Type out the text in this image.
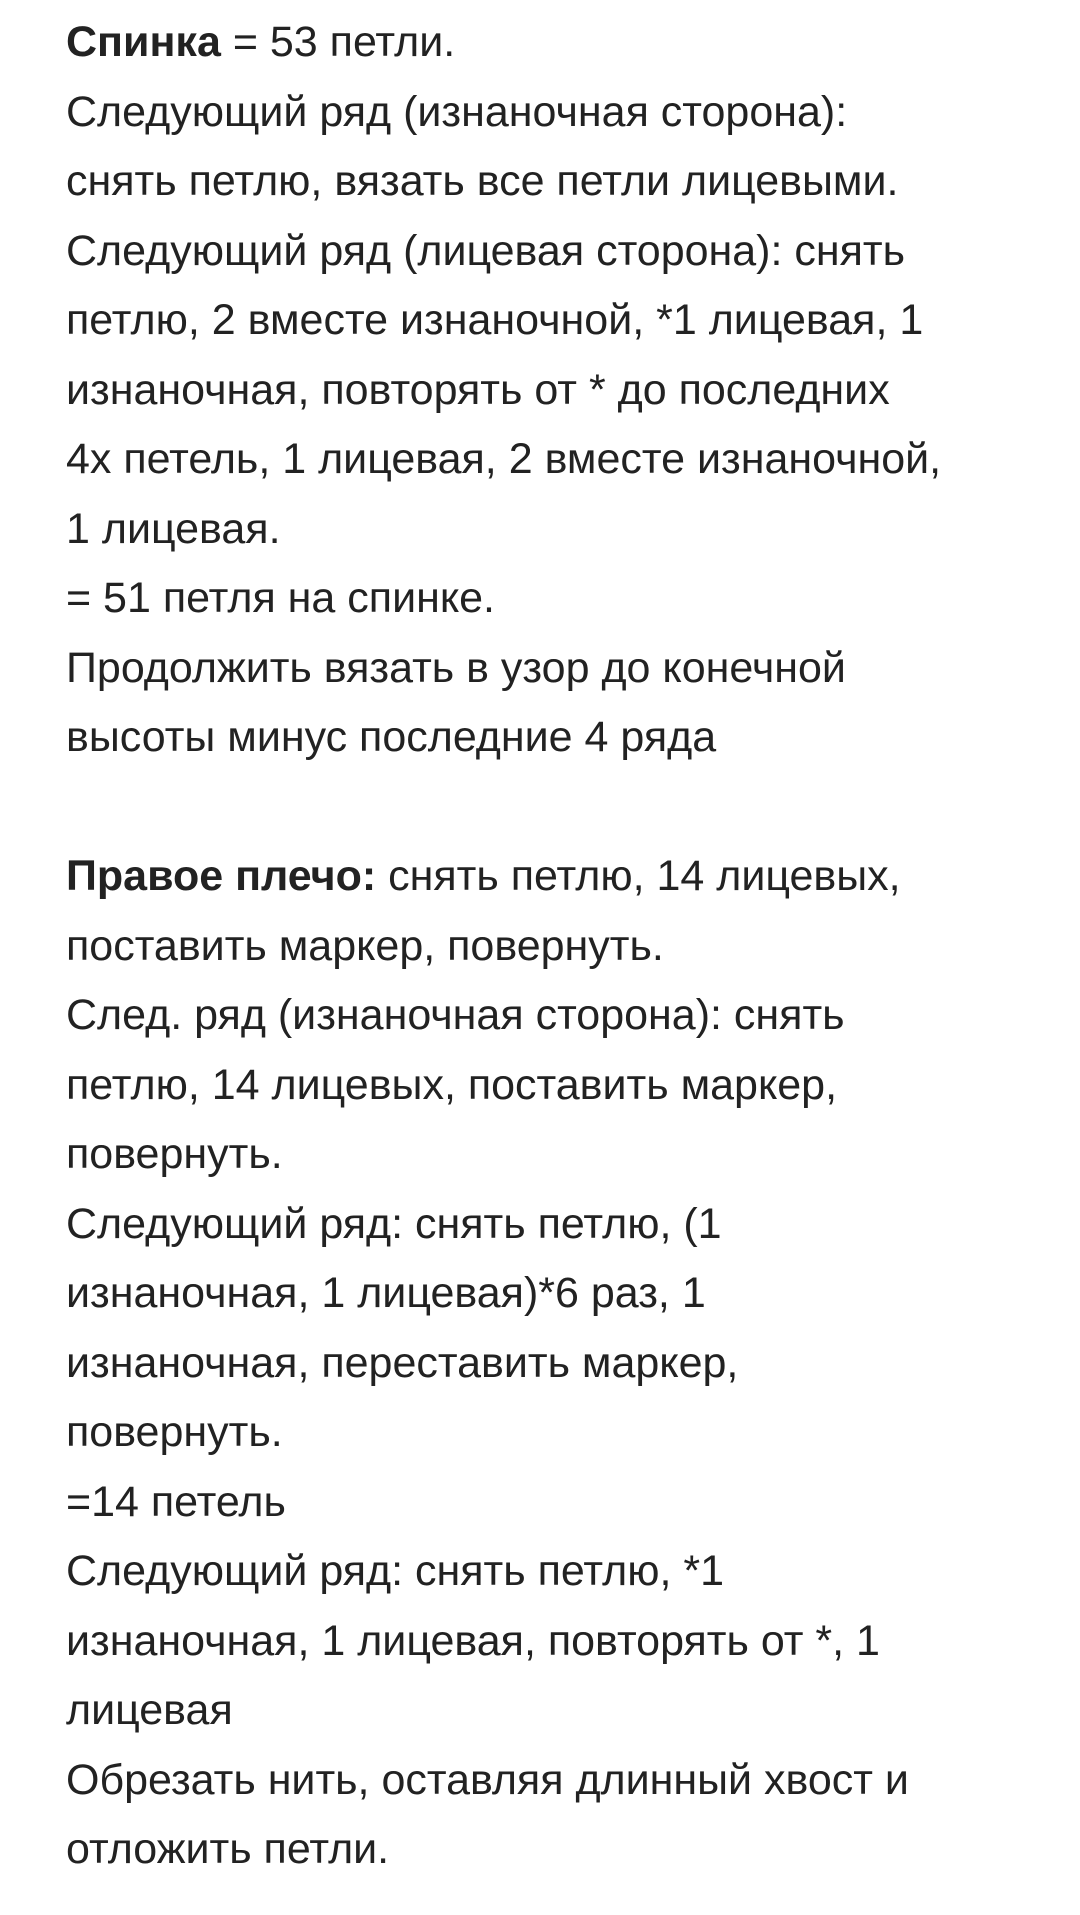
Спинка = 53 петли.
Следующий ряд (изнаночная сторона):
снять петлю, вязать все петли лицевыми.
Следующий ряд (лицевая сторона): снять
петлю, 2 вместе изнаночной, *1 лицевая, 1
изнаночная, повторять от * до последних
4х петель, 1 лицевая, 2 вместе изнаночной,
1 лицевая.
= 51 петля на спинке.
Продолжить вязать в узор до конечной
высоты минус последние 4 ряда
Правое плечо: снять петлю, 14 лицевых,
поставить маркер, повернуть.
След. ряд (изнаночная сторона): снять
петлю, 14 лицевых, поставить маркер,
повернуть.
Следующий ряд: снять петлю, (1
изнаночная, 1 лицевая)*6 раз, 1
изнаночная, переставить маркер,
повернуть.
=14 петель
Следующий ряд: снять петлю, *1
изнаночная, 1 лицевая, повторять от *, 1
лицевая
Обрезать нить, оставляя длинный хвост и
отложить петли.
